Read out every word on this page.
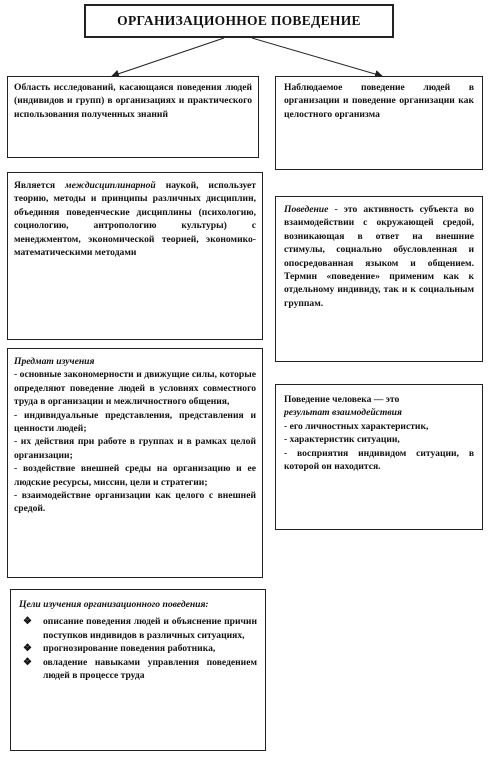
ОРГАНИЗАЦИОННОЕ ПОВЕДЕНИЕ

Область исследований, касающаяся поведения людей (индивидов и групп) в организациях и практического использования полученных знаний

Наблюдаемое поведение людей в организации и поведение организации как целостного организма

Является междисциплинарной наукой, использует теорию, методы и принципы различных дисциплин, объединяя поведенческие дисциплины (психологию, социологию, антропологию культуры) с менеджментом, экономической теорией, экономико-математическими методами

Поведение - это активность субъекта во взаимодействии с окружающей средой, возникающая в ответ на внешние стимулы, социально обусловленная и опосредованная языком и общением. Термин «поведение» применим как к отдельному индивиду, так и к социальным группам.

Предмат изучения

- основные закономерности и движущие силы, которые определяют поведение людей в условиях совместного труда в организации и межличностного общения,

- индивидуальные представления, представления и ценности людей;

- их действия при работе в группах и в рамках целой организации;

- воздействие внешней среды на организацию и ее людские ресурсы, миссии, цели и стратегии;

- взаимодействие организации как целого с внешней средой.

Поведение человека — это

результат взаимодействия

- его личностных характеристик,

- характеристик ситуации,

- восприятия индивидом ситуации, в которой он находится.

Цели изучения организационного поведения:

❖ описание поведения людей и объяснение причин поступков индивидов в различных ситуациях,
❖ прогнозирование поведения работника,
❖ овладение навыками управления поведением людей в процессе труда
